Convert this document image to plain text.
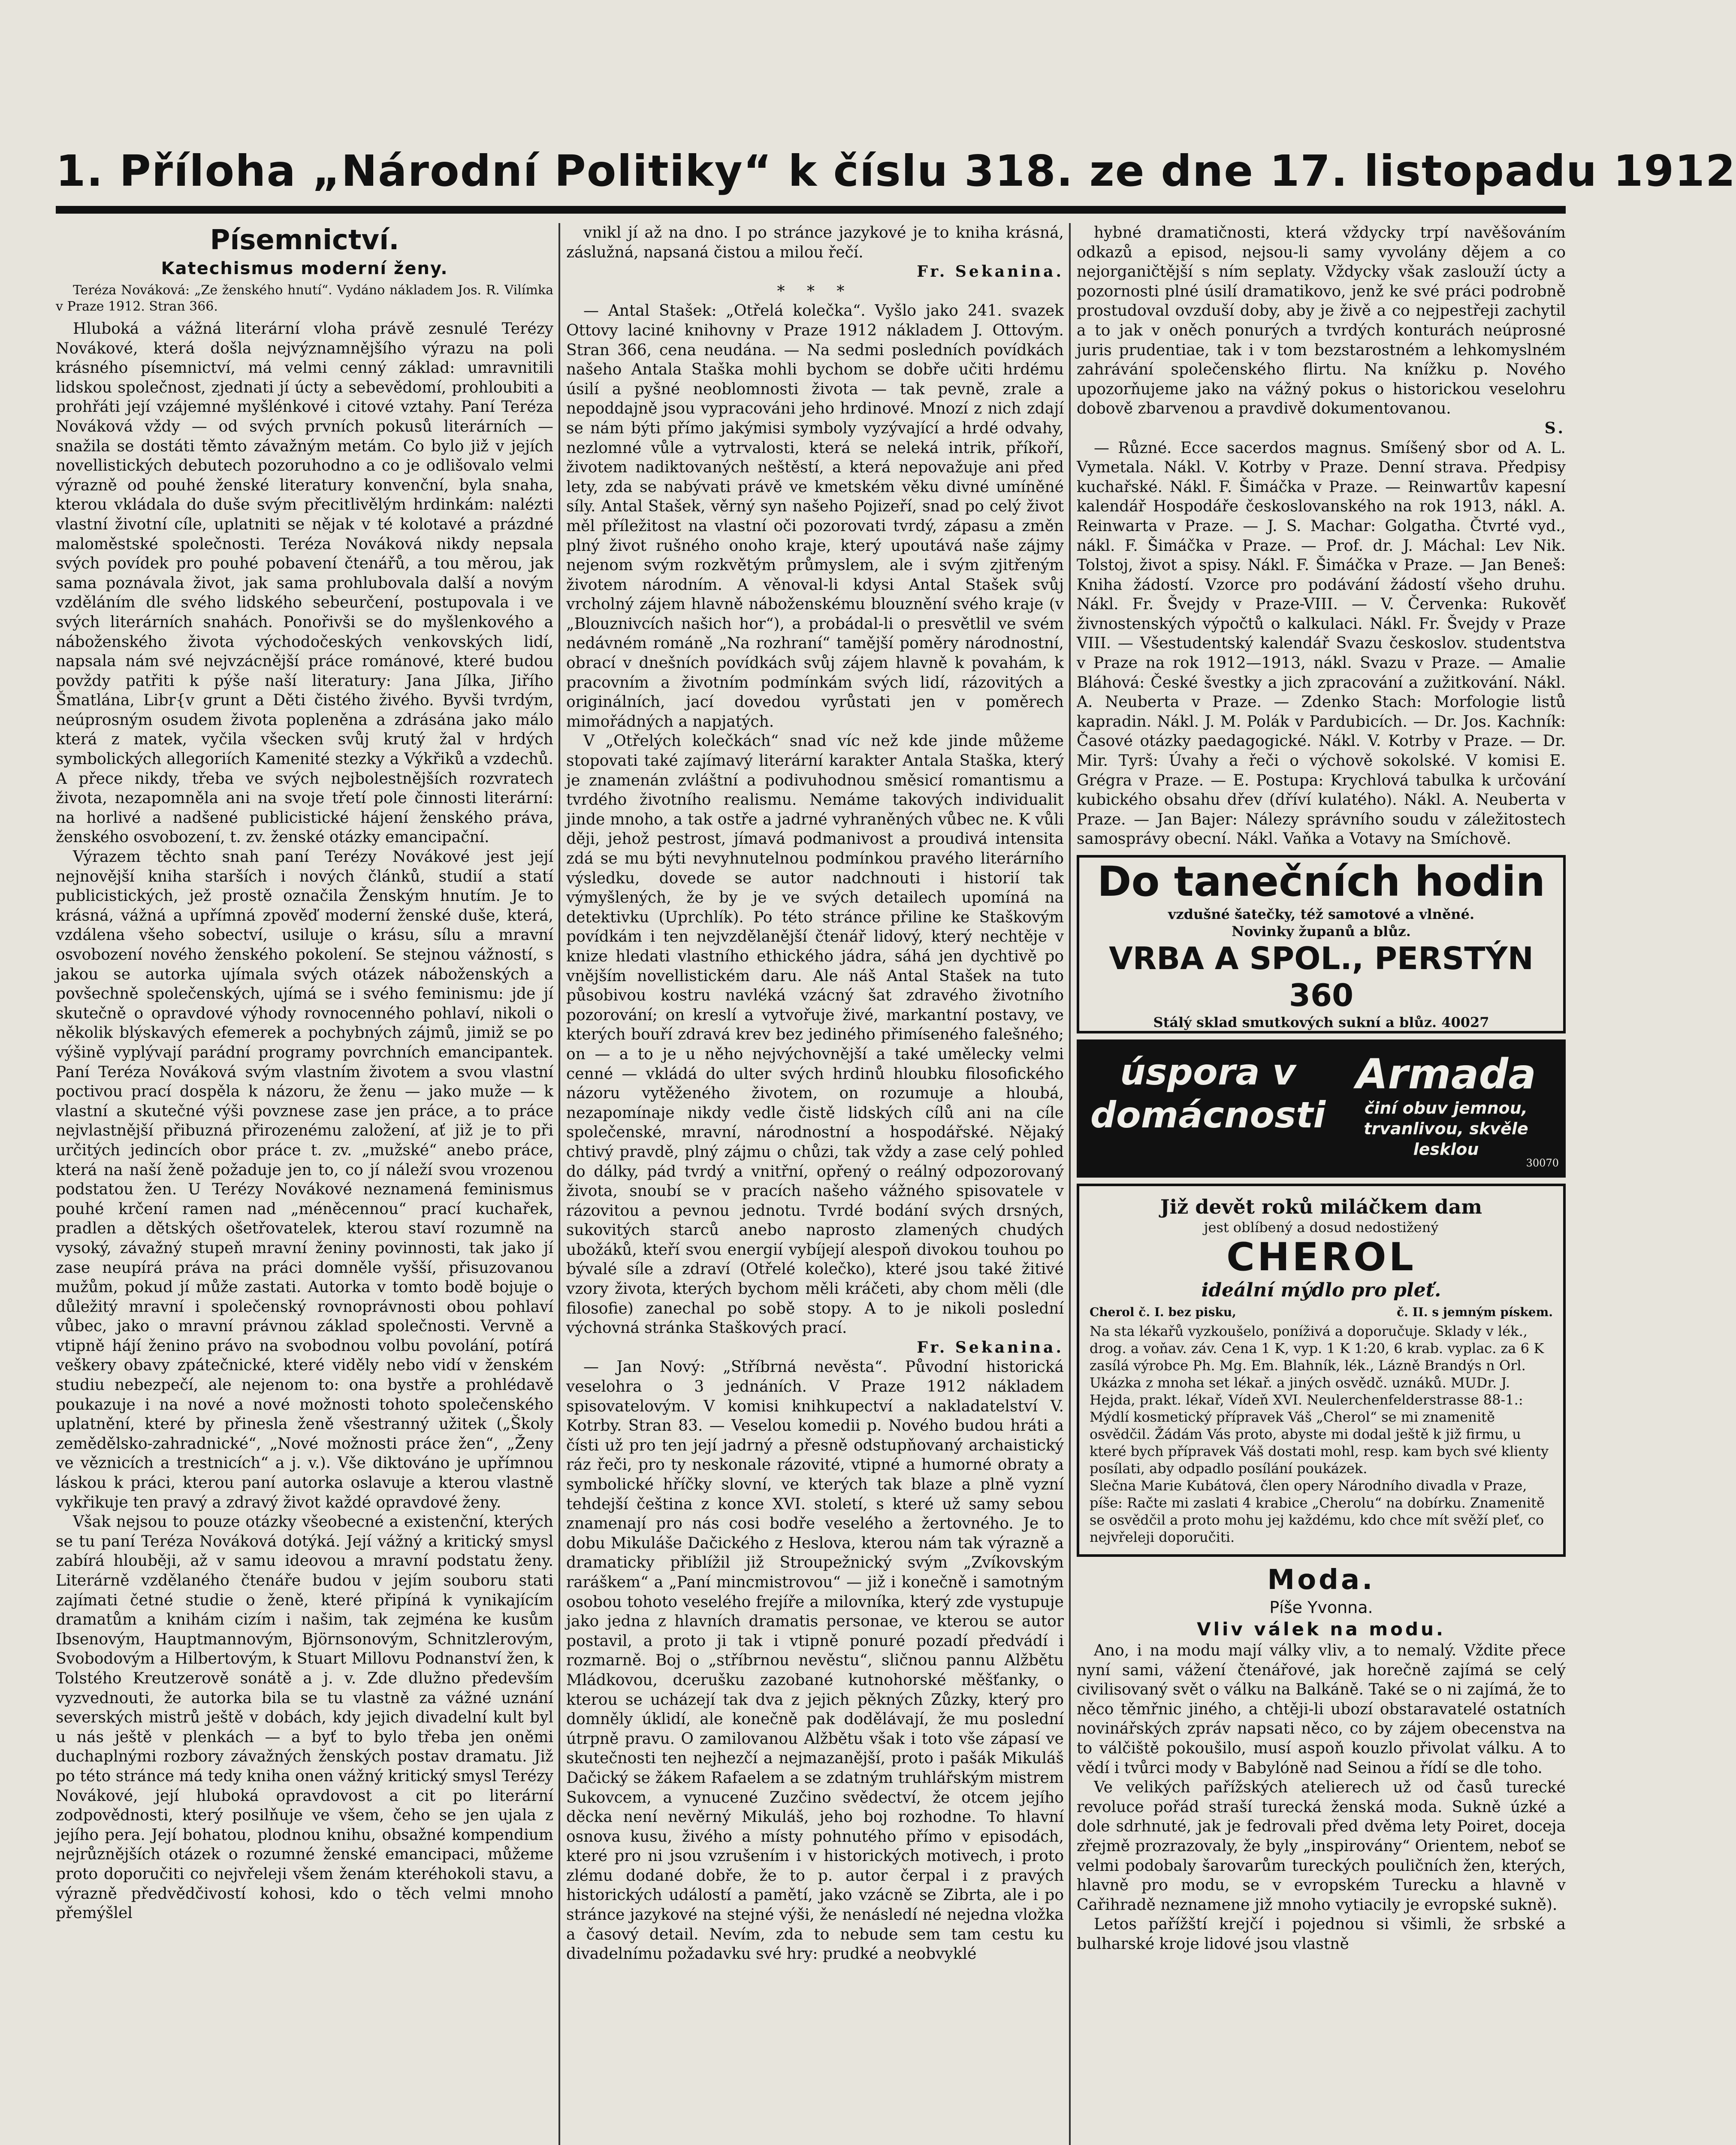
1. Příloha „Národní Politiky“ k číslu 318. ze dne 17. listopadu 1912

Písemnictví.

Katechismus moderní ženy.

Teréza Nováková: „Ze ženského hnutí“. Vydáno nákladem Jos. R. Vilímka v Praze 1912. Stran 366.

Hluboká a vážná literární vloha právě zesnulé Terézy Novákové, která došla nejvýznamnějšího výrazu na poli krásného písemnictví, má velmi cenný základ: umravnitili lidskou společnost, zjednati jí úcty a sebevědomí, prohloubiti a prohřáti její vzájemné myšlénkové i citové vztahy. Paní Teréza Nováková vždy — od svých prvních pokusů literárních — snažila se dostáti těmto závažným metám. Co bylo již v jejích novellistických debutech pozoruhodno a co je odlišovalo velmi výrazně od pouhé ženské literatury konvenční, byla snaha, kterou vkládala do duše svým přecitlivělým hrdinkám: nalézti vlastní životní cíle, uplatniti se nějak v té kolotavé a prázdné maloměstské společnosti. Teréza Nováková nikdy nepsala svých povídek pro pouhé pobavení čtenářů, a tou měrou, jak sama poznávala život, jak sama prohlubovala další a novým vzděláním dle svého lidského sebeurčení, postupovala i ve svých literárních snahách. Ponořivši se do myšlenkového a náboženského života východočeských venkovských lidí, napsala nám své nejvzácnější práce románové, které budou povždy patřiti k pýše naší literatury: Jana Jílka, Jiřího Šmatlána, Libr{v grunt a Děti čistého živého. Byvši tvrdým, neúprosným osudem života popleněna a zdrásána jako málo která z matek, vyčila všecken svůj krutý žal v hrdých symbolických allegoriích Kamenité stezky a Výkřiků a vzdechů. A přece nikdy, třeba ve svých nejbolestnějších rozvratech života, nezapomněla ani na svoje třetí pole činnosti literární: na horlivé a nadšené publicistické hájení ženského práva, ženského osvobození, t. zv. ženské otázky emancipační.

Výrazem těchto snah paní Terézy Novákové jest její nejnovější kniha starších i nových článků, studií a statí publicistických, jež prostě označila Ženským hnutím. Je to krásná, vážná a upřímná zpověď moderní ženské duše, která, vzdálena všeho sobectví, usiluje o krásu, sílu a mravní osvobození nového ženského pokolení. Se stejnou vážností, s jakou se autorka ujímala svých otázek náboženských a povšechně společenských, ujímá se i svého feminismu: jde jí skutečně o opravdové výhody rovnocenného pohlaví, nikoli o několik blýskavých efemerek a pochybných zájmů, jimiž se po výšině vyplývají parádní programy povrchních emancipantek. Paní Teréza Nováková svým vlastním životem a svou vlastní poctivou prací dospěla k názoru, že ženu — jako muže — k vlastní a skutečné výši povznese zase jen práce, a to práce nejvlastnější přibuzná přirozenému založení, ať již je to při určitých jedincích obor práce t. zv. „mužské“ anebo práce, která na naší ženě požaduje jen to, co jí náleží svou vrozenou podstatou žen. U Terézy Novákové neznamená feminismus pouhé krčení ramen nad „méněcennou“ prací kuchařek, pradlen a dětských ošetřovatelek, kterou staví rozumně na vysoký, závažný stupeň mravní ženiny povinnosti, tak jako jí zase neupírá práva na práci domněle vyšší, přisuzovanou mužům, pokud jí může zastati. Autorka v tomto bodě bojuje o důležitý mravní i společenský rovnoprávnosti obou pohlaví vůbec, jako o mravní právnou základ společnosti. Vervně a vtipně hájí ženino právo na svobodnou volbu povolání, potírá veškery obavy zpátečnické, které viděly nebo vidí v ženském studiu nebezpečí, ale nejenom to: ona bystře a prohlédavě poukazuje i na nové a nové možnosti tohoto společenského uplatnění, které by přinesla ženě všestranný užitek („Školy zemědělsko-zahradnické“, „Nové možnosti práce žen“, „Ženy ve věznicích a trestnicích“ a j. v.). Vše diktováno je upřímnou láskou k práci, kterou paní autorka oslavuje a kterou vlastně vykřikuje ten pravý a zdravý život každé opravdové ženy.

Však nejsou to pouze otázky všeobecné a existenční, kterých se tu paní Teréza Nováková dotýká. Její vážný a kritický smysl zabírá hlouběji, až v samu ideovou a mravní podstatu ženy. Literárně vzdělaného čtenáře budou v jejím souboru stati zajímati četné studie o ženě, které připíná k vynikajícím dramatům a knihám cizím i našim, tak zejména ke kusům Ibsenovým, Hauptmannovým, Björnsonovým, Schnitzlerovým, Svobodovým a Hilbertovým, k Stuart Millovu Podnanství žen, k Tolstého Kreutzerově sonátě a j. v. Zde dlužno především vyzvednouti, že autorka bila se tu vlastně za vážné uznání severských mistrů ještě v dobách, kdy jejich divadelní kult byl u nás ještě v plenkách — a byť to bylo třeba jen oněmi duchaplnými rozbory závažných ženských postav dramatu. Již po této stránce má tedy kniha onen vážný kritický smysl Terézy Novákové, její hluboká opravdovost a cit po literární zodpovědnosti, který posilňuje ve všem, čeho se jen ujala z jejího pera. Její bohatou, plodnou knihu, obsažné kompendium nejrůznějších otázek o rozumné ženské emancipaci, můžeme proto doporučiti co nejvřeleji všem ženám kteréhokoli stavu, a výrazně předvědčivostí kohosi, kdo o těch velmi mnoho přemýšlel

vnikl jí až na dno. I po stránce jazykové je to kniha krásná, záslužná, napsaná čistou a milou řečí.

Fr. Sekanina.

* * *

— Antal Stašek: „Otřelá kolečka“. Vyšlo jako 241. svazek Ottovy laciné knihovny v Praze 1912 nákladem J. Ottovým. Stran 366, cena neudána. — Na sedmi posledních povídkách našeho Antala Staška mohli bychom se dobře učiti hrdému úsilí a pyšné neoblomnosti života — tak pevně, zrale a nepoddajně jsou vypracováni jeho hrdinové. Mnozí z nich zdají se nám býti přímo jakýmisi symboly vyzývající a hrdé odvahy, nezlomné vůle a vytrvalosti, která se neleká intrik, příkoří, životem nadiktovaných neštěstí, a která nepovažuje ani před lety, zda se nabývati právě ve kmetském věku divné umíněné síly. Antal Stašek, věrný syn našeho Pojizeří, snad po celý život měl příležitost na vlastní oči pozorovati tvrdý, zápasu a změn plný život rušného onoho kraje, který upoutává naše zájmy nejenom svým rozkvětým průmyslem, ale i svým zjitřeným životem národním. A věnoval-li kdysi Antal Stašek svůj vrcholný zájem hlavně náboženskému blouznění svého kraje (v „Blouznivcích našich hor“), a probádal-li o presvětlil ve svém nedávném románě „Na rozhraní“ tamější poměry národnostní, obrací v dnešních povídkách svůj zájem hlavně k povahám, k pracovním a životním podmínkám svých lidí, rázovitých a originálních, jací dovedou vyrůstati jen v poměrech mimořádných a napjatých.

V „Otřelých kolečkách“ snad víc než kde jinde můžeme stopovati také zajímavý literární karakter Antala Staška, který je znamenán zvláštní a podivuhodnou směsicí romantismu a tvrdého životního realismu. Nemáme takových individualit jinde mnoho, a tak ostře a jadrné vyhraněných vůbec ne. K vůli ději, jehož pestrost, jímavá podmanivost a proudivá intensita zdá se mu býti nevyhnutelnou podmínkou pravého literárního výsledku, dovede se autor nadchnouti i historií tak výmyšlených, že by je ve svých detailech upomíná na detektivku (Uprchlík). Po této stránce přiline ke Staškovým povídkám i ten nejvzdělanější čtenář lidový, který nechtěje v knize hledati vlastního ethického jádra, sáhá jen dychtivě po vnějším novellistickém daru. Ale náš Antal Stašek na tuto působivou kostru navléká vzácný šat zdravého životního pozorování; on kreslí a vytvořuje živé, markantní postavy, ve kterých bouří zdravá krev bez jediného přimíseného falešného; on — a to je u něho nejvýchovnější a také umělecky velmi cenné — vkládá do ulter svých hrdinů hloubku filosofického názoru vytěženého životem, on rozumuje a hloubá, nezapomínaje nikdy vedle čistě lidských cílů ani na cíle společenské, mravní, národnostní a hospodářské. Nějaký chtivý pravdě, plný zájmu o chůzi, tak vždy a zase celý pohled do dálky, pád tvrdý a vnitřní, opřený o reálný odpozorovaný života, snoubí se v pracích našeho vážného spisovatele v rázovitou a pevnou jednotu. Tvrdé bodání svých drsných, sukovitých starců anebo naprosto zlamených chudých ubožáků, kteří svou energií vybíjejí alespoň divokou touhou po bývalé síle a zdraví (Otřelé kolečko), které jsou také žitivé vzory života, kterých bychom měli kráčeti, aby chom měli (dle filosofie) zanechal po sobě stopy. A to je nikoli poslední výchovná stránka Staškových prací.

Fr. Sekanina.

— Jan Nový: „Stříbrná nevěsta“. Původní historická veselohra o 3 jednáních. V Praze 1912 nákladem spisovatelovým. V komisi knihkupectví a nakladatelství V. Kotrby. Stran 83. — Veselou komedii p. Nového budou hráti a čísti už pro ten její jadrný a přesně odstupňovaný archaistický ráz řeči, pro ty neskonale rázovité, vtipné a humorné obraty a symbolické hříčky slovní, ve kterých tak blaze a plně vyzní tehdejší čeština z konce XVI. století, s které už samy sebou znamenají pro nás cosi bodře veselého a žertovného. Je to dobu Mikuláše Dačického z Heslova, kterou nám tak výrazně a dramaticky přiblížil již Stroupežnický svým „Zvíkovským raráškem“ a „Paní mincmistrovou“ — již i konečně i samotným osobou tohoto veselého frejíře a milovníka, který zde vystupuje jako jedna z hlavních dramatis personae, ve kterou se autor postavil, a proto ji tak i vtipně ponuré pozadí předvádí i rozmarně. Boj o „stříbrnou nevěstu“, sličnou pannu Alžbětu Mládkovou, dcerušku zazobané kutnohorské měšťanky, o kterou se ucházejí tak dva z jejich pěkných Zůzky, který pro domněly úklidí, ale konečně pak dodělávají, že mu poslední útrpně pravu. O zamilovanou Alžbětu však i toto vše zápasí ve skutečnosti ten nejhezčí a nejmazanější, proto i pašák Mikuláš Dačický se žákem Rafaelem a se zdatným truhlářským mistrem Sukovcem, a vynucené Zuzčino svědectví, že otcem jejího děcka není nevěrný Mikuláš, jeho boj rozhodne. To hlavní osnova kusu, živého a místy pohnutého přímo v episodách, které pro ni jsou vzrušením i v historických motivech, i proto zlému dodané dobře, že to p. autor čerpal i z pravých historických událostí a pamětí, jako vzácně se Zibrta, ale i po stránce jazykové na stejné výši, že nenásledí né nejedna vložka a časový detail. Nevím, zda to nebude sem tam cestu ku divadelnímu požadavku své hry: prudké a neobvyklé

hybné dramatičnosti, která vždycky trpí navěšováním odkazů a episod, nejsou-li samy vyvolány dějem a co nejorganičtější s ním seplaty. Vždycky však zaslouží úcty a pozornosti plné úsilí dramatikovo, jenž ke své práci podrobně prostudoval ovzduší doby, aby je živě a co nejpestřeji zachytil a to jak v oněch ponurých a tvrdých konturách neúprosné juris prudentiae, tak i v tom bezstarostném a lehkomyslném zahrávání společenského flirtu. Na knížku p. Nového upozorňujeme jako na vážný pokus o historickou veselohru dobově zbarvenou a pravdivě dokumentovanou.

S.

— Různé. Ecce sacerdos magnus. Smíšený sbor od A. L. Vymetala. Nákl. V. Kotrby v Praze. Denní strava. Předpisy kuchařské. Nákl. F. Šimáčka v Praze. — Reinwartův kapesní kalendář Hospodáře českoslovanského na rok 1913, nákl. A. Reinwarta v Praze. — J. S. Machar: Golgatha. Čtvrté vyd., nákl. F. Šimáčka v Praze. — Prof. dr. J. Máchal: Lev Nik. Tolstoj, život a spisy. Nákl. F. Šimáčka v Praze. — Jan Beneš: Kniha žádostí. Vzorce pro podávání žádostí všeho druhu. Nákl. Fr. Švejdy v Praze-VIII. — V. Červenka: Rukověť živnostenských výpočtů o kalkulaci. Nákl. Fr. Švejdy v Praze VIII. — Všestudentský kalendář Svazu českoslov. studentstva v Praze na rok 1912—1913, nákl. Svazu v Praze. — Amalie Bláhová: České švestky a jich zpracování a zužitkování. Nákl. A. Neuberta v Praze. — Zdenko Stach: Morfologie listů kapradin. Nákl. J. M. Polák v Pardubicích. — Dr. Jos. Kachník: Časové otázky paedagogické. Nákl. V. Kotrby v Praze. — Dr. Mir. Tyrš: Úvahy a řeči o výchově sokolské. V komisi E. Grégra v Praze. — E. Postupa: Krychlová tabulka k určování kubického obsahu dřev (dříví kulatého). Nákl. A. Neuberta v Praze. — Jan Bajer: Nálezy správního soudu v záležitostech samosprávy obecní. Nákl. Vaňka a Votavy na Smíchově.

Do tanečních hodin
vzdušné šatečky, též samotové a vlněné.
Novinky županů a blůz.
VRBA A SPOL., PERSTÝN 360
Stálý sklad smutkových sukní a blůz. 40027
úspora v domácnosti
Armada
činí obuv jemnou, trvanlivou, skvěle lesklou
30070
Již devět roků miláčkem dam
jest oblíbený a dosud nedostižený
CHEROL
ideální mýdlo pro pleť.
Cherol č. I. bez pisku,	č. II. s jemným pískem.

Na sta lékařů vyzkoušelo, poníživá a doporučuje. Sklady v lék., drog. a voňav. záv. Cena 1 K, vyp. 1 K 1:20, 6 krab. vyplac. za 6 K zasílá výrobce Ph. Mg. Em. Blahník, lék., Lázně Brandýs n Orl.

Ukázka z mnoha set lékař. a jiných osvědč. uznáků. MUDr. J. Hejda, prakt. lékař, Vídeň XVI. Neulerchenfelderstrasse 88-1.: Mýdlí kosmetický přípravek Váš „Cherol“ se mi znamenitě osvědčil. Žádám Vás proto, abyste mi dodal ještě k již firmu, u které bych přípravek Váš dostati mohl, resp. kam bych své klienty posílati, aby odpadlo posílání poukázek.

Slečna Marie Kubátová, člen opery Národního divadla v Praze, píše: Račte mi zaslati 4 krabice „Cherolu“ na dobírku. Znamenitě se osvědčil a proto mohu jej každému, kdo chce mít svěží pleť, co nejvřeleji doporučiti.

Moda.

Píše Yvonna.

Vliv válek na modu.

Ano, i na modu mají války vliv, a to nemalý. Vždite přece nyní sami, vážení čtenářové, jak horečně zajímá se celý civilisovaný svět o válku na Balkáně. Také se o ni zajímá, že to něco těmřnic jiného, a chtěji-li ubozí obstaravatelé ostatních novinářských zpráv napsati něco, co by zájem obecenstva na to válčiště pokoušilo, musí aspoň kouzlo přivolat válku. A to vědí i tvůrci mody v Babylóně nad Seinou a řídí se dle toho.

Ve velikých pařížských atelierech už od časů turecké revoluce pořád straší turecká ženská moda. Sukně úzké a dole sdrhnuté, jak je fedrovali před dvěma lety Poiret, doceja zřejmě prozrazovaly, že byly „inspirovány“ Orientem, neboť se velmi podobaly šarovarům tureckých pouličních žen, kterých, hlavně pro modu, se v evropském Turecku a hlavně v Cařihradě neznamene již mnoho vytiacily je evropské sukně).

Letos pařížští krejčí i pojednou si všimli, že srbské a bulharské kroje lidové jsou vlastně
